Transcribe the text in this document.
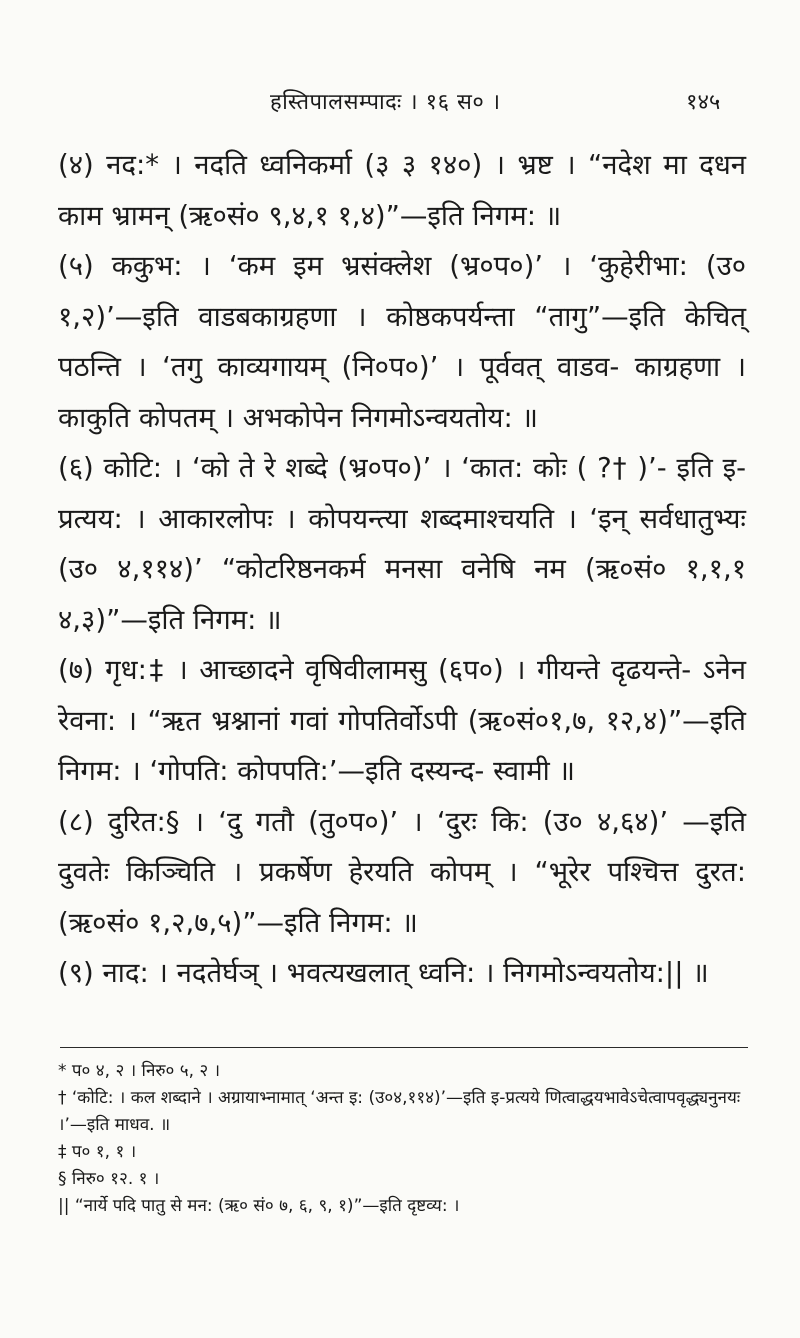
हस्तिपालसम्पादः । १६ स० ।	१४५

(४) नद:* । नदति ध्वनिकर्मा (३ ३ १४०) । भ्रष्ट । “नदेश मा दधन काम भ्रामन् (ऋ०सं० ९,४,१ १,४)”—इति निगम: ॥

(५) ककुभ: । ‘कम इम भ्रसंक्लेश (भ्र०प०)’ । ‘कुहेरीभा: (उ० १,२)’—इति वाडबकाग्रहणा । कोष्ठकपर्यन्ता “तागु”—इति केचित् पठन्ति । ‘तगु काव्यगायम् (नि०प०)’ । पूर्ववत् वाडव- काग्रहणा । काकुति कोपतम् । अभकोपेन निगमोऽन्वयतोय: ॥

(६) कोटि: । ‘को ते रे शब्दे (भ्र०प०)’ । ‘कात: कोः ( ?† )’- इति इ-प्रत्यय: । आकारलोपः । कोपयन्त्या शब्दमाश्चयति । ‘इन् सर्वधातुभ्यः (उ० ४,११४)’ “कोटरिष्ठनकर्म मनसा वनेषि नम (ऋ०सं० १,१,१ ४,३)”—इति निगम: ॥

(७) गृध:‡ । आच्छादने वृषिवीलामसु (६प०) । गीयन्ते दृढयन्ते- ऽनेन रेवना: । “ऋत भ्रश्नानां गवां गोपतिर्वोऽपी (ऋ०सं०१,७, १२,४)”—इति निगम: । ‘गोपति: कोपपति:’—इति दस्यन्द- स्वामी ॥

(८) दुरित:§ । ‘दु गतौ (तु०प०)’ । ‘दुरः कि: (उ० ४,६४)’ —इति दुवतेः किञ्चिति । प्रकर्षेण हेरयति कोपम् । “भूरेर पश्चित्त दुरत: (ऋ०सं० १,२,७,५)”—इति निगम: ॥

(९) नाद: । नदतेर्घञ् । भवत्यखलात् ध्वनि: । निगमोऽन्वयतोय:|| ॥

* प० ४, २ । निरु० ५, २ ।

† ‘कोटि: । कल शब्दाने । अग्रायाभ्नामात् ‘अन्त इ: (उ०४,११४)’—इति इ-प्रत्यये णित्वाद्धयभावेऽचेत्वापवृद्ध्यनुनयः ।’—इति माधव. ॥

‡ प० १, १ ।

§ निरु० १२. १ ।

|| “नार्ये पदि पातु से मन: (ऋ० सं० ७, ६, ९, १)”—इति दृष्टव्य: ।
